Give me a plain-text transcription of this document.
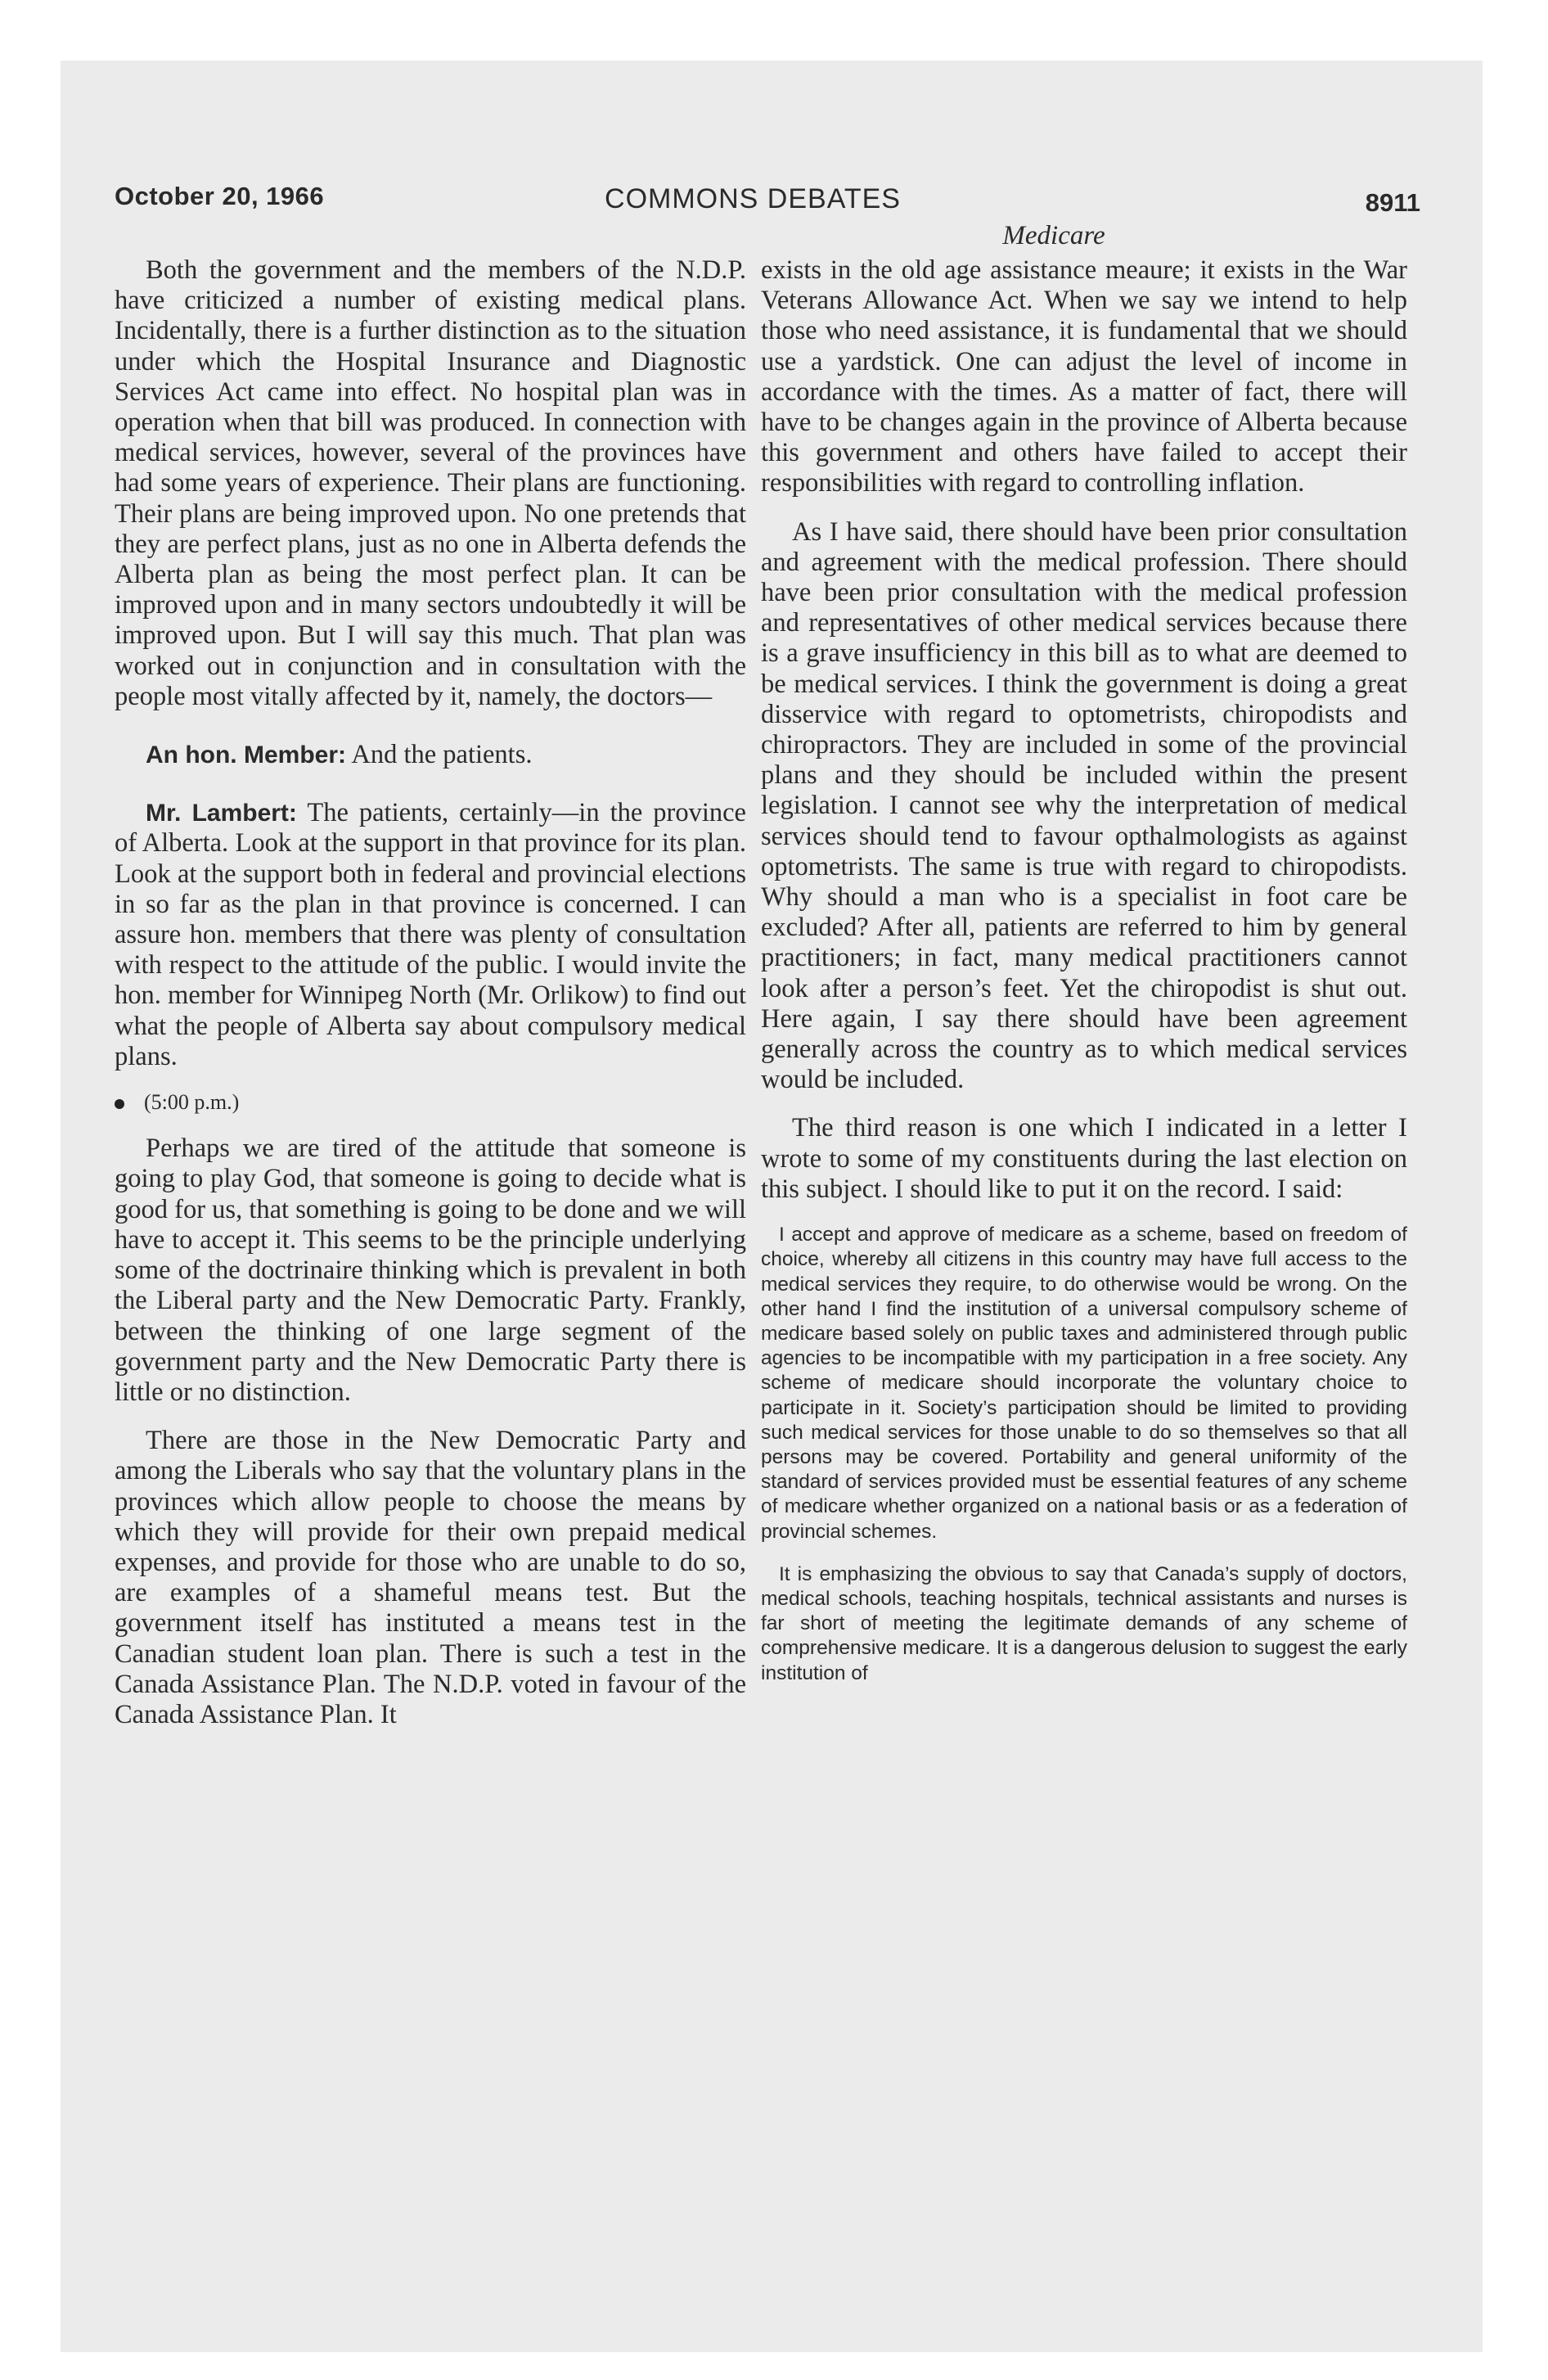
October 20, 1966	COMMONS DEBATES	8911
Medicare

Both the government and the members of the N.D.P. have criticized a number of existing medical plans. Incidentally, there is a further distinction as to the situation under which the Hospital Insurance and Diagnostic Services Act came into effect. No hospital plan was in operation when that bill was produced. In connection with medical services, however, several of the provinces have had some years of experience. Their plans are functioning. Their plans are being improved upon. No one pretends that they are perfect plans, just as no one in Alberta defends the Alberta plan as being the most perfect plan. It can be improved upon and in many sectors undoubtedly it will be improved upon. But I will say this much. That plan was worked out in conjunction and in consultation with the people most vitally affected by it, namely, the doctors—

An hon. Member: And the patients.

Mr. Lambert: The patients, certainly—in the province of Alberta. Look at the support in that province for its plan. Look at the support both in federal and provincial elections in so far as the plan in that province is concerned. I can assure hon. members that there was plenty of consultation with respect to the attitude of the public. I would invite the hon. member for Winnipeg North (Mr. Orlikow) to find out what the people of Alberta say about compulsory medical plans.

(5:00 p.m.)

Perhaps we are tired of the attitude that someone is going to play God, that someone is going to decide what is good for us, that something is going to be done and we will have to accept it. This seems to be the principle underlying some of the doctrinaire thinking which is prevalent in both the Liberal party and the New Democratic Party. Frankly, between the thinking of one large segment of the government party and the New Democratic Party there is little or no distinction.

There are those in the New Democratic Party and among the Liberals who say that the voluntary plans in the provinces which allow people to choose the means by which they will provide for their own prepaid medical expenses, and provide for those who are unable to do so, are examples of a shameful means test. But the government itself has instituted a means test in the Canadian student loan plan. There is such a test in the Canada Assistance Plan. The N.D.P. voted in favour of the Canada Assistance Plan. It

exists in the old age assistance meaure; it exists in the War Veterans Allowance Act. When we say we intend to help those who need assistance, it is fundamental that we should use a yardstick. One can adjust the level of income in accordance with the times. As a matter of fact, there will have to be changes again in the province of Alberta because this government and others have failed to accept their responsibilities with regard to controlling inflation.

As I have said, there should have been prior consultation and agreement with the medical profession. There should have been prior consultation with the medical profession and representatives of other medical services because there is a grave insufficiency in this bill as to what are deemed to be medical services. I think the government is doing a great disservice with regard to optometrists, chiropodists and chiropractors. They are included in some of the provincial plans and they should be included within the present legislation. I cannot see why the interpretation of medical services should tend to favour opthalmologists as against optometrists. The same is true with regard to chiropodists. Why should a man who is a specialist in foot care be excluded? After all, patients are referred to him by general practitioners; in fact, many medical practitioners cannot look after a person’s feet. Yet the chiropodist is shut out. Here again, I say there should have been agreement generally across the country as to which medical services would be included.

The third reason is one which I indicated in a letter I wrote to some of my constituents during the last election on this subject. I should like to put it on the record. I said:

I accept and approve of medicare as a scheme, based on freedom of choice, whereby all citizens in this country may have full access to the medical services they require, to do otherwise would be wrong. On the other hand I find the institution of a universal compulsory scheme of medicare based solely on public taxes and administered through public agencies to be incompatible with my participation in a free society. Any scheme of medicare should incorporate the voluntary choice to participate in it. Society’s participation should be limited to providing such medical services for those unable to do so themselves so that all persons may be covered. Portability and general uniformity of the standard of services provided must be essential features of any scheme of medicare whether organized on a national basis or as a federation of provincial schemes.

It is emphasizing the obvious to say that Canada’s supply of doctors, medical schools, teaching hospitals, technical assistants and nurses is far short of meeting the legitimate demands of any scheme of comprehensive medicare. It is a dangerous delusion to suggest the early institution of
